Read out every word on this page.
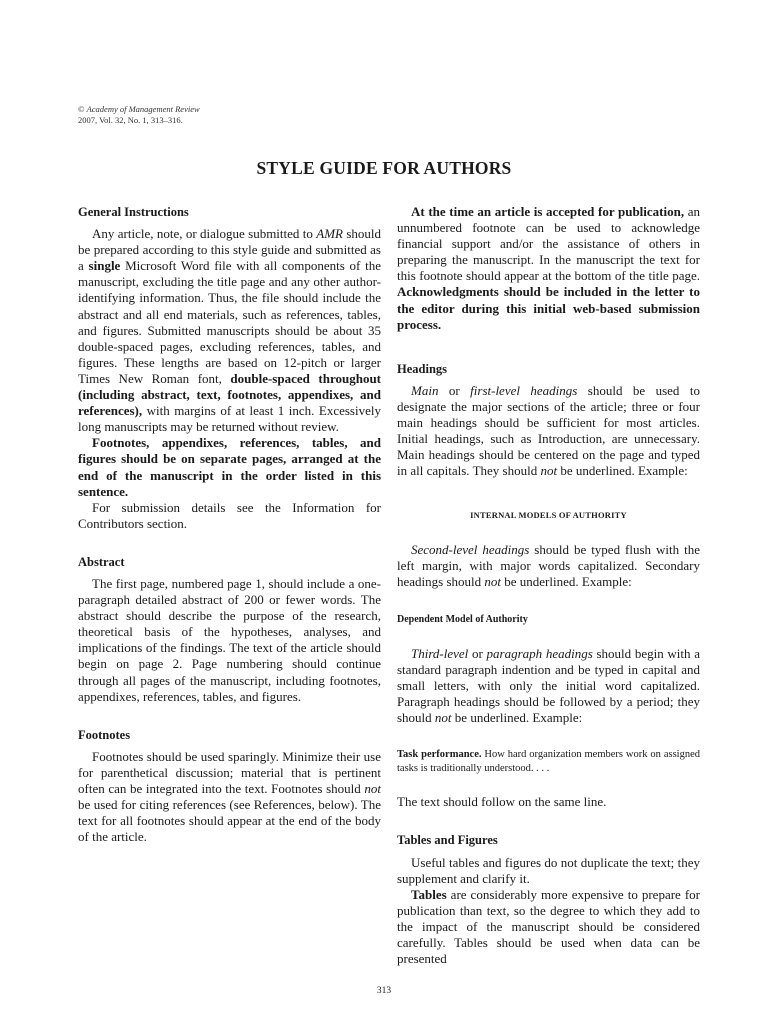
© Academy of Management Review
2007, Vol. 32, No. 1, 313–316.
STYLE GUIDE FOR AUTHORS
General Instructions

Any article, note, or dialogue submitted to AMR should be prepared according to this style guide and submitted as a single Microsoft Word file with all components of the manuscript, excluding the title page and any other author-identifying information. Thus, the file should include the abstract and all end materials, such as references, tables, and figures. Submitted manuscripts should be about 35 double-spaced pages, excluding references, tables, and figures. These lengths are based on 12-pitch or larger Times New Roman font, double-spaced throughout (including abstract, text, footnotes, appendixes, and references), with margins of at least 1 inch. Excessively long manuscripts may be returned without review.

Footnotes, appendixes, references, tables, and figures should be on separate pages, arranged at the end of the manuscript in the order listed in this sentence.

For submission details see the Information for Contributors section.

Abstract

The first page, numbered page 1, should include a one-paragraph detailed abstract of 200 or fewer words. The abstract should describe the purpose of the research, theoretical basis of the hypotheses, analyses, and implications of the findings. The text of the article should begin on page 2. Page numbering should continue through all pages of the manuscript, including footnotes, appendixes, references, tables, and figures.

Footnotes

Footnotes should be used sparingly. Minimize their use for parenthetical discussion; material that is pertinent often can be integrated into the text. Footnotes should not be used for citing references (see References, below). The text for all footnotes should appear at the end of the body of the article.

At the time an article is accepted for publication, an unnumbered footnote can be used to acknowledge financial support and/or the assistance of others in preparing the manuscript. In the manuscript the text for this footnote should appear at the bottom of the title page. Acknowledgments should be included in the letter to the editor during this initial web-based submission process.

Headings

Main or first-level headings should be used to designate the major sections of the article; three or four main headings should be sufficient for most articles. Initial headings, such as Introduction, are unnecessary. Main headings should be centered on the page and typed in all capitals. They should not be underlined. Example:

INTERNAL MODELS OF AUTHORITY

Second-level headings should be typed flush with the left margin, with major words capitalized. Secondary headings should not be underlined. Example:

Dependent Model of Authority

Third-level or paragraph headings should begin with a standard paragraph indention and be typed in capital and small letters, with only the initial word capitalized. Paragraph headings should be followed by a period; they should not be underlined. Example:

Task performance. How hard organization members work on assigned tasks is traditionally understood. . . .

The text should follow on the same line.

Tables and Figures

Useful tables and figures do not duplicate the text; they supplement and clarify it.

Tables are considerably more expensive to prepare for publication than text, so the degree to which they add to the impact of the manuscript should be considered carefully. Tables should be used when data can be presented

313
